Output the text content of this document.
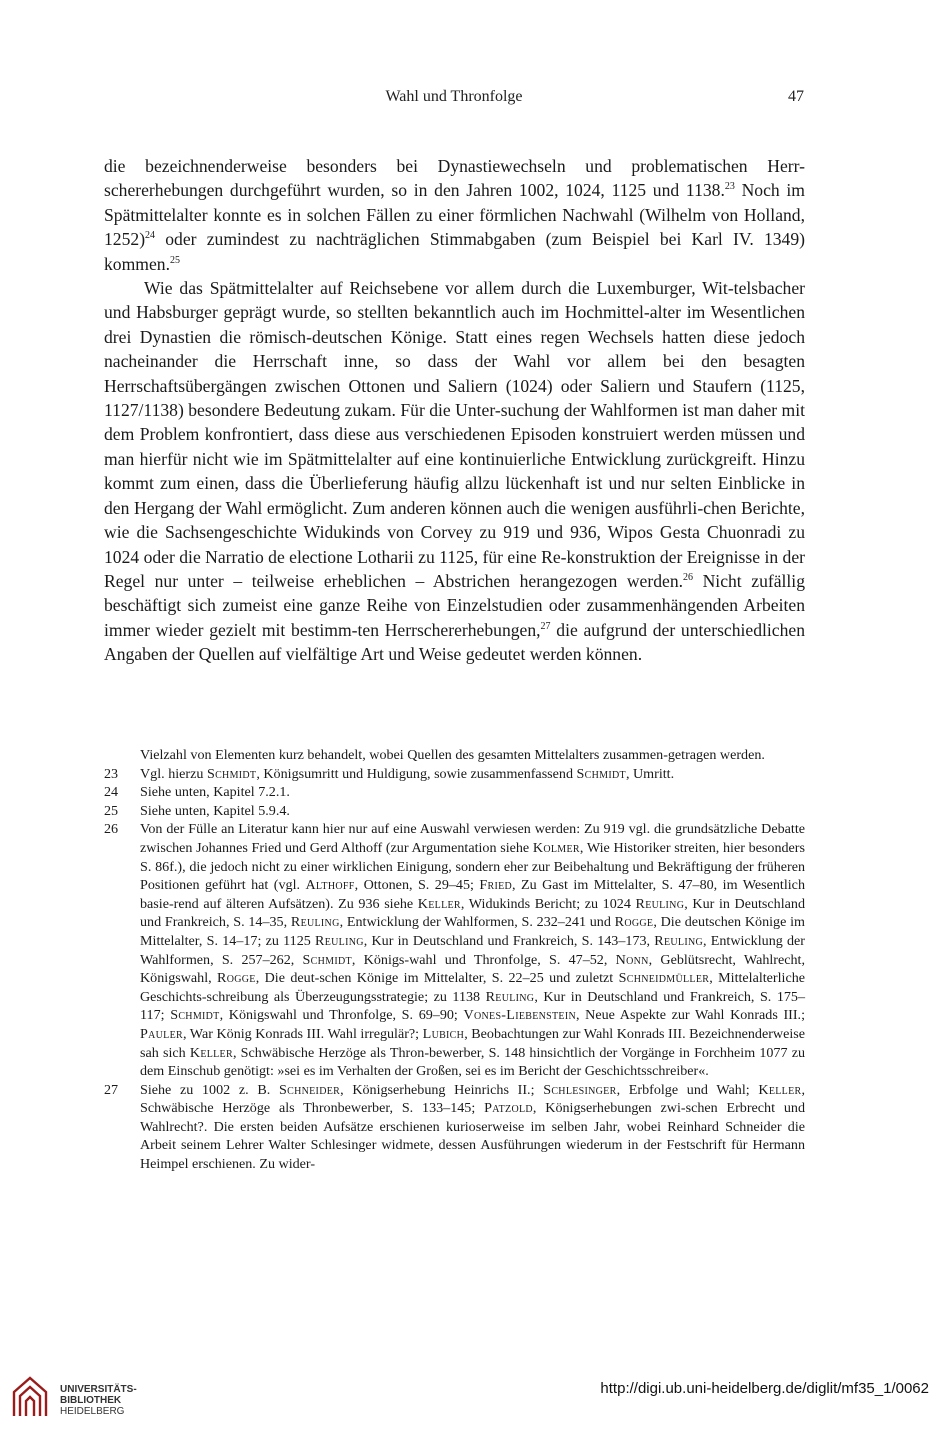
Wahl und Thronfolge	47

die bezeichnenderweise besonders bei Dynastiewechseln und problematischen Herr-schererhebungen durchgeführt wurden, so in den Jahren 1002, 1024, 1125 und 1138.23 Noch im Spätmittelalter konnte es in solchen Fällen zu einer förmlichen Nachwahl (Wilhelm von Holland, 1252)$^{24}$ oder zumindest zu nachträglichen Stimmabgaben (zum Beispiel bei Karl IV. 1349) kommen.$^{25}$

Wie das Spätmittelalter auf Reichsebene vor allem durch die Luxemburger, Wit-telsbacher und Habsburger geprägt wurde, so stellten bekanntlich auch im Hochmittel-alter im Wesentlichen drei Dynastien die römisch-deutschen Könige. Statt eines regen Wechsels hatten diese jedoch nacheinander die Herrschaft inne, so dass der Wahl vor allem bei den besagten Herrschaftsübergängen zwischen Ottonen und Saliern (1024) oder Saliern und Staufern (1125, 1127/1138) besondere Bedeutung zukam. Für die Unter-suchung der Wahlformen ist man daher mit dem Problem konfrontiert, dass diese aus verschiedenen Episoden konstruiert werden müssen und man hierfür nicht wie im Spätmittelalter auf eine kontinuierliche Entwicklung zurückgreift. Hinzu kommt zum einen, dass die Überlieferung häufig allzu lückenhaft ist und nur selten Einblicke in den Hergang der Wahl ermöglicht. Zum anderen können auch die wenigen ausführli-chen Berichte, wie die Sachsengeschichte Widukinds von Corvey zu 919 und 936, Wipos Gesta Chuonradi zu 1024 oder die Narratio de electione Lotharii zu 1125, für eine Re-konstruktion der Ereignisse in der Regel nur unter – teilweise erheblichen – Abstrichen herangezogen werden.$^{26}$ Nicht zufällig beschäftigt sich zumeist eine ganze Reihe von Einzelstudien oder zusammenhängenden Arbeiten immer wieder gezielt mit bestimm-ten Herrschererhebungen,$^{27}$ die aufgrund der unterschiedlichen Angaben der Quellen auf vielfältige Art und Weise gedeutet werden können.

Vielzahl von Elementen kurz behandelt, wobei Quellen des gesamten Mittelalters zusammen-getragen werden.
23 Vgl. hierzu Schmidt, Königsumritt und Huldigung, sowie zusammenfassend Schmidt, Umritt.
24 Siehe unten, Kapitel 7.2.1.
25 Siehe unten, Kapitel 5.9.4.
26 Von der Fülle an Literatur kann hier nur auf eine Auswahl verwiesen werden: Zu 919 vgl. die grundsätzliche Debatte zwischen Johannes Fried und Gerd Althoff (zur Argumentation siehe Kolmer, Wie Historiker streiten, hier besonders S. 86f.), die jedoch nicht zu einer wirklichen Einigung, sondern eher zur Beibehaltung und Bekräftigung der früheren Positionen geführt hat (vgl. Althoff, Ottonen, S. 29–45; Fried, Zu Gast im Mittelalter, S. 47–80, im Wesentlich basie-rend auf älteren Aufsätzen). Zu 936 siehe Keller, Widukinds Bericht; zu 1024 Reuling, Kur in Deutschland und Frankreich, S. 14–35, Reuling, Entwicklung der Wahlformen, S. 232–241 und Rogge, Die deutschen Könige im Mittelalter, S. 14–17; zu 1125 Reuling, Kur in Deutschland und Frankreich, S. 143–173, Reuling, Entwicklung der Wahlformen, S. 257–262, Schmidt, Königs-wahl und Thronfolge, S. 47–52, Nonn, Geblütsrecht, Wahlrecht, Königswahl, Rogge, Die deut-schen Könige im Mittelalter, S. 22–25 und zuletzt Schneidmüller, Mittelalterliche Geschichts-schreibung als Überzeugungsstrategie; zu 1138 Reuling, Kur in Deutschland und Frankreich, S. 175–117; Schmidt, Königswahl und Thronfolge, S. 69–90; Vones-Liebenstein, Neue Aspekte zur Wahl Konrads III.; Pauler, War König Konrads III. Wahl irregulär?; Lubich, Beobachtungen zur Wahl Konrads III. Bezeichnenderweise sah sich Keller, Schwäbische Herzöge als Thron-bewerber, S. 148 hinsichtlich der Vorgänge in Forchheim 1077 zu dem Einschub genötigt: »sei es im Verhalten der Großen, sei es im Bericht der Geschichtsschreiber«.
27 Siehe zu 1002 z. B. Schneider, Königserhebung Heinrichs II.; Schlesinger, Erbfolge und Wahl; Keller, Schwäbische Herzöge als Thronbewerber, S. 133–145; Patzold, Königserhebungen zwi-schen Erbrecht und Wahlrecht?. Die ersten beiden Aufsätze erschienen kurioserweise im selben Jahr, wobei Reinhard Schneider die Arbeit seinem Lehrer Walter Schlesinger widmete, dessen Ausführungen wiederum in der Festschrift für Hermann Heimpel erschienen. Zu wider-
UNIVERSITÄTS-
BIBLIOTHEK
HEIDELBERG
http://digi.ub.uni-heidelberg.de/diglit/mf35_1/0062
